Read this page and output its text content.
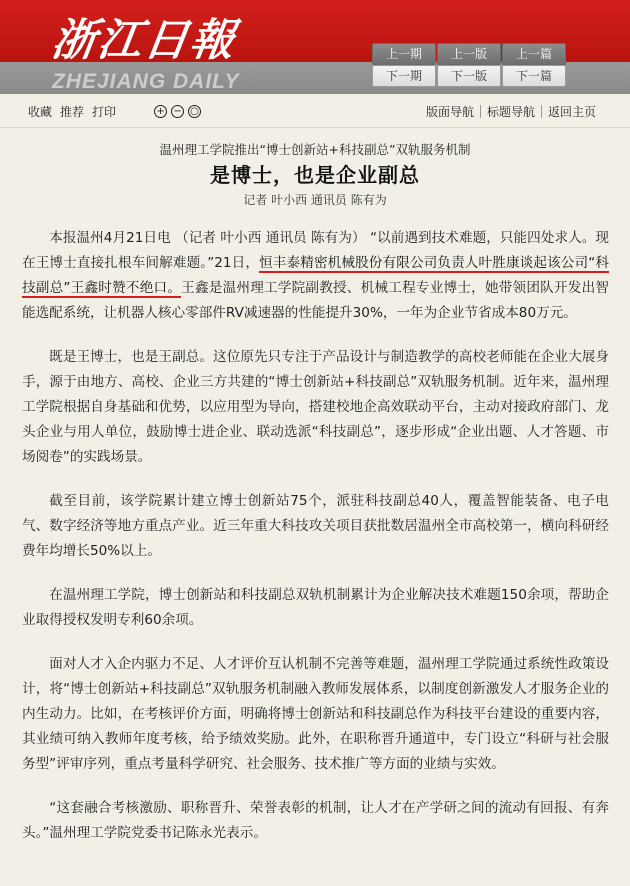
浙江日報
ZHEJIANG DAILY
上一期	上一版	上一篇
下一期	下一版	下一篇
收藏 推荐 打印	+ − ○	版面导航	标题导航	返回主页
温州理工学院推出“博士创新站+科技副总”双轨服务机制
是博士，也是企业副总
记者 叶小西 通讯员 陈有为

本报温州4月21日电 （记者 叶小西 通讯员 陈有为） “以前遇到技术难题，只能四处求人。现在王博士直接扎根车间解难题。”21日，恒丰泰精密机械股份有限公司负责人叶胜康谈起该公司“科技副总”王鑫时赞不绝口。王鑫是温州理工学院副教授、机械工程专业博士，她带领团队开发出智能选配系统，让机器人核心零部件RV减速器的性能提升30%，一年为企业节省成本80万元。

既是王博士，也是王副总。这位原先只专注于产品设计与制造教学的高校老师能在企业大展身手，源于由地方、高校、企业三方共建的“博士创新站+科技副总”双轨服务机制。近年来，温州理工学院根据自身基础和优势，以应用型为导向，搭建校地企高效联动平台，主动对接政府部门、龙头企业与用人单位，鼓励博士进企业、联动选派“科技副总”，逐步形成“企业出题、人才答题、市场阅卷”的实践场景。

截至目前，该学院累计建立博士创新站75个，派驻科技副总40人，覆盖智能装备、电子电气、数字经济等地方重点产业。近三年重大科技攻关项目获批数居温州全市高校第一，横向科研经费年均增长50%以上。

在温州理工学院，博士创新站和科技副总双轨机制累计为企业解决技术难题150余项，帮助企业取得授权发明专利60余项。

面对人才入企内驱力不足、人才评价互认机制不完善等难题，温州理工学院通过系统性政策设计，将“博士创新站+科技副总”双轨服务机制融入教师发展体系，以制度创新激发人才服务企业的内生动力。比如，在考核评价方面，明确将博士创新站和科技副总作为科技平台建设的重要内容，其业绩可纳入教师年度考核，给予绩效奖励。此外，在职称晋升通道中，专门设立“科研与社会服务型”评审序列，重点考量科学研究、社会服务、技术推广等方面的业绩与实效。

“这套融合考核激励、职称晋升、荣誉表彰的机制，让人才在产学研之间的流动有回报、有奔头。”温州理工学院党委书记陈永光表示。
